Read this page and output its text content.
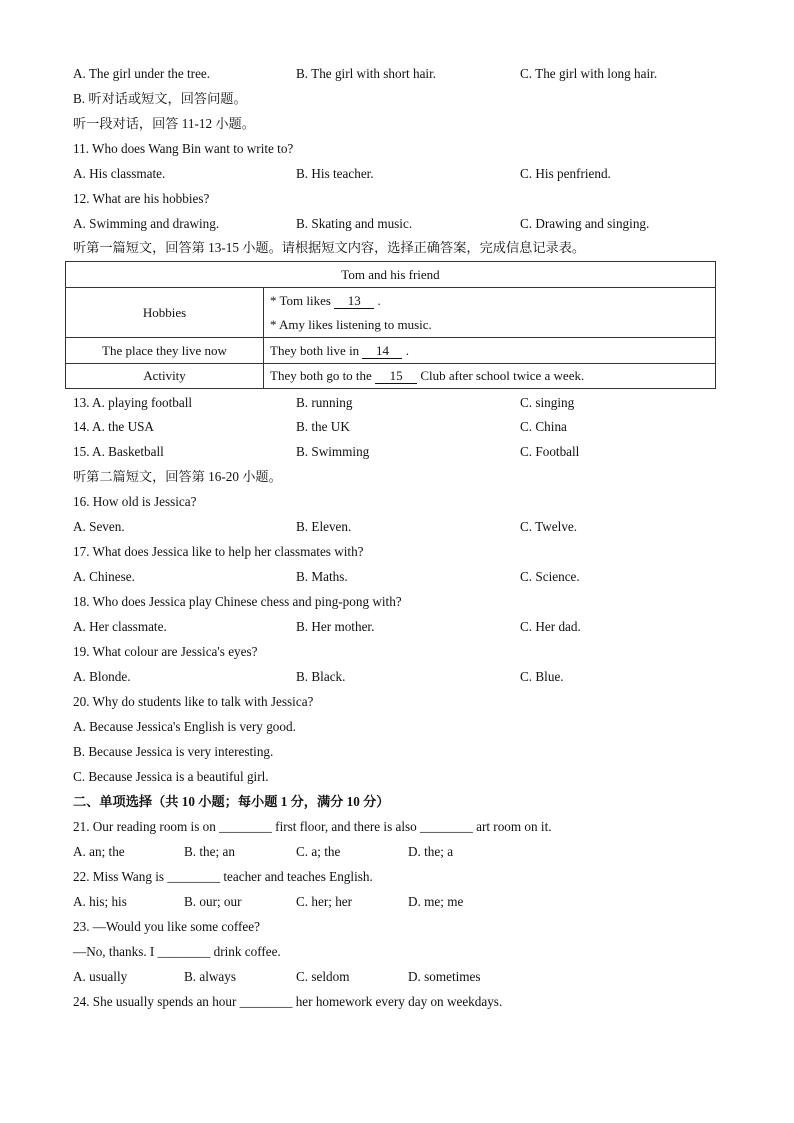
A. The girl under the tree.	B. The girl with short hair.	C. The girl with long hair.
B. 听对话或短文，回答问题。
听一段对话，回答 11-12 小题。
11. Who does Wang Bin want to write to?
A. His classmate.	B. His teacher.	C. His penfriend.
12. What are his hobbies?
A. Swimming and drawing.	B. Skating and music.	C. Drawing and singing.
听第一篇短文，回答第 13-15 小题。请根据短文内容，选择正确答案，完成信息记录表。
Tom and his friend	
Hobbies	* Tom likes 13 .
* Amy likes listening to music.

The place they live now	They both live in 14 .
Activity	They both go to the 15 Club after school twice a week.
13. A. playing football	B. running	C. singing
14. A. the USA	B. the UK	C. China
15. A. Basketball	B. Swimming	C. Football
听第二篇短文，回答第 16-20 小题。
16. How old is Jessica?
A. Seven.	B. Eleven.	C. Twelve.
17. What does Jessica like to help her classmates with?
A. Chinese.	B. Maths.	C. Science.
18. Who does Jessica play Chinese chess and ping-pong with?
A. Her classmate.	B. Her mother.	C. Her dad.
19. What colour are Jessica's eyes?
A. Blonde.	B. Black.	C. Blue.
20. Why do students like to talk with Jessica?
A. Because Jessica's English is very good.
B. Because Jessica is very interesting.
C. Because Jessica is a beautiful girl.
二、单项选择（共 10 小题；每小题 1 分，满分 10 分）
21. Our reading room is on ________ first floor, and there is also ________ art room on it.
A. an; the	B. the; an	C. a; the	D. the; a
22. Miss Wang is ________ teacher and teaches English.
A. his; his	B. our; our	C. her; her	D. me; me
23. —Would you like some coffee?
—No, thanks. I ________ drink coffee.
A. usually	B. always	C. seldom	D. sometimes
24. She usually spends an hour ________ her homework every day on weekdays.
